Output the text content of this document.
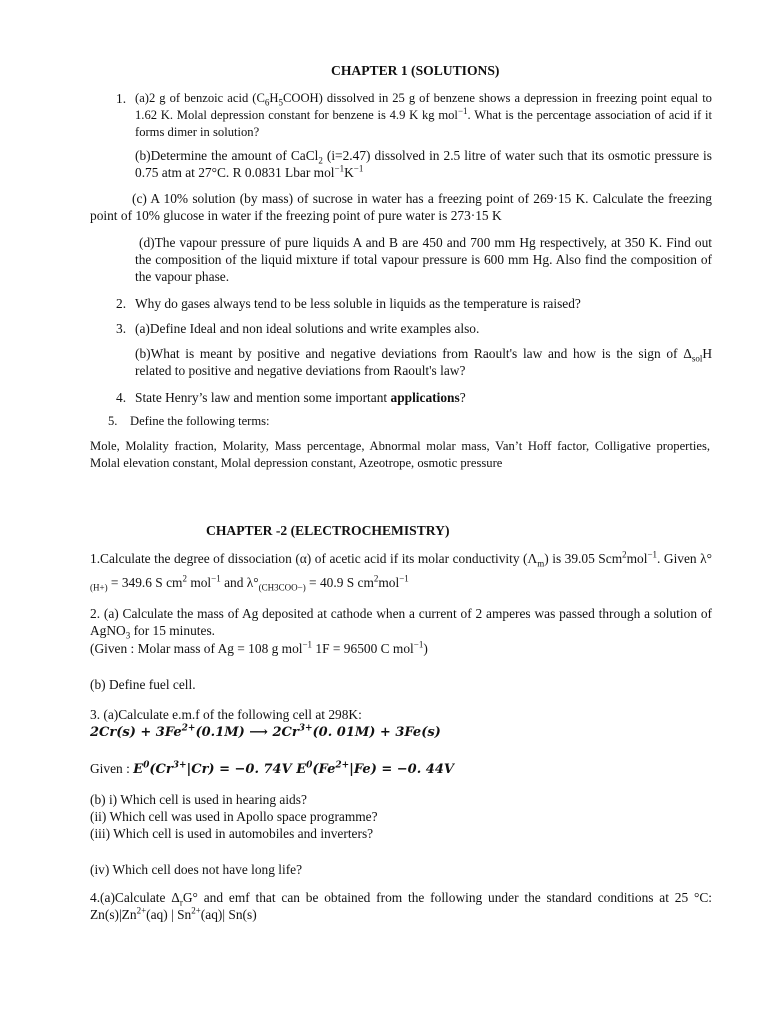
CHAPTER 1 (SOLUTIONS)
1. (a)2 g of benzoic acid $(C_6H_5COOH)$ dissolved in 25 g of benzene shows a depression in freezing point equal to 1.62 K. Molal depression constant for benzene is 4.9 K kg mol$^{-1}$. What is the percentage association of acid if it forms dimer in solution?

(b)Determine the amount of CaCl$_2$ (i=2.47) dissolved in 2.5 litre of water such that its osmotic pressure is 0.75 atm at 27°C. R 0.0831 Lbar $mol^{-1}K^{-1}$

(c) A 10% solution (by mass) of sucrose in water has a freezing point of 269·15 K. Calculate the freezing point of 10% glucose in water if the freezing point of pure water is 273·15 K

(d)The vapour pressure of pure liquids A and B are 450 and 700 mm Hg respectively, at 350 K. Find out the composition of the liquid mixture if total vapour pressure is 600 mm Hg. Also find the composition of the vapour phase.

2. Why do gases always tend to be less soluble in liquids as the temperature is raised?

3. (a)Define Ideal and non ideal solutions and write examples also.

(b)What is meant by positive and negative deviations from Raoult's law and how is the sign of $\Delta_{sol}H$ related to positive and negative deviations from Raoult's law?

4. State Henry’s law and mention some important applications?

5. Define the following terms:

Mole, Molality fraction, Molarity, Mass percentage, Abnormal molar mass, Van’t Hoff factor, Colligative properties, Molal elevation constant, Molal depression constant, Azeotrope, osmotic pressure

CHAPTER -2 (ELECTROCHEMISTRY)

1.Calculate the degree of dissociation (α) of acetic acid if its molar conductivity $(\Lambda_m)$ is 39.05 Scm$^2$mol$^{-1}$. Given $\lambda^\circ_{(H+)} = 349.6$ S $cm^2$ mol$^{-1}$ and $\lambda^\circ_{(CH3COO-)} = 40.9$ S $cm^2mol^{-1}$

2. (a) Calculate the mass of Ag deposited at cathode when a current of 2 amperes was passed through a solution of AgNO$_3$ for 15 minutes.

(Given : Molar mass of Ag = 108 g mol$^{-1}$ 1F = 96500 C mol$^{-1}$)

(b) Define fuel cell.

3. (a)Calculate e.m.f of the following cell at 298K:

$2Cr(s) + 3Fe^{2+}(0.1M)$ ⟶ $2Cr^{3+}(0$. 01M) + 3Fe(s)

Given : $E^0(Cr^{3+}|Cr) = -0$. 74V $E^0(Fe^{2+}|Fe) = -0$. 44V

(b) i) Which cell is used in hearing aids?

(ii) Which cell was used in Apollo space programme?

(iii) Which cell is used in automobiles and inverters?

(iv) Which cell does not have long life?

4.(a)Calculate $\Delta_rG^\circ$ and emf that can be obtained from the following under the standard conditions at 25 °C: $Zn(s)|Zn^{2+}(aq)$ | $Sn^{2+}(aq)|$ Sn(s)
